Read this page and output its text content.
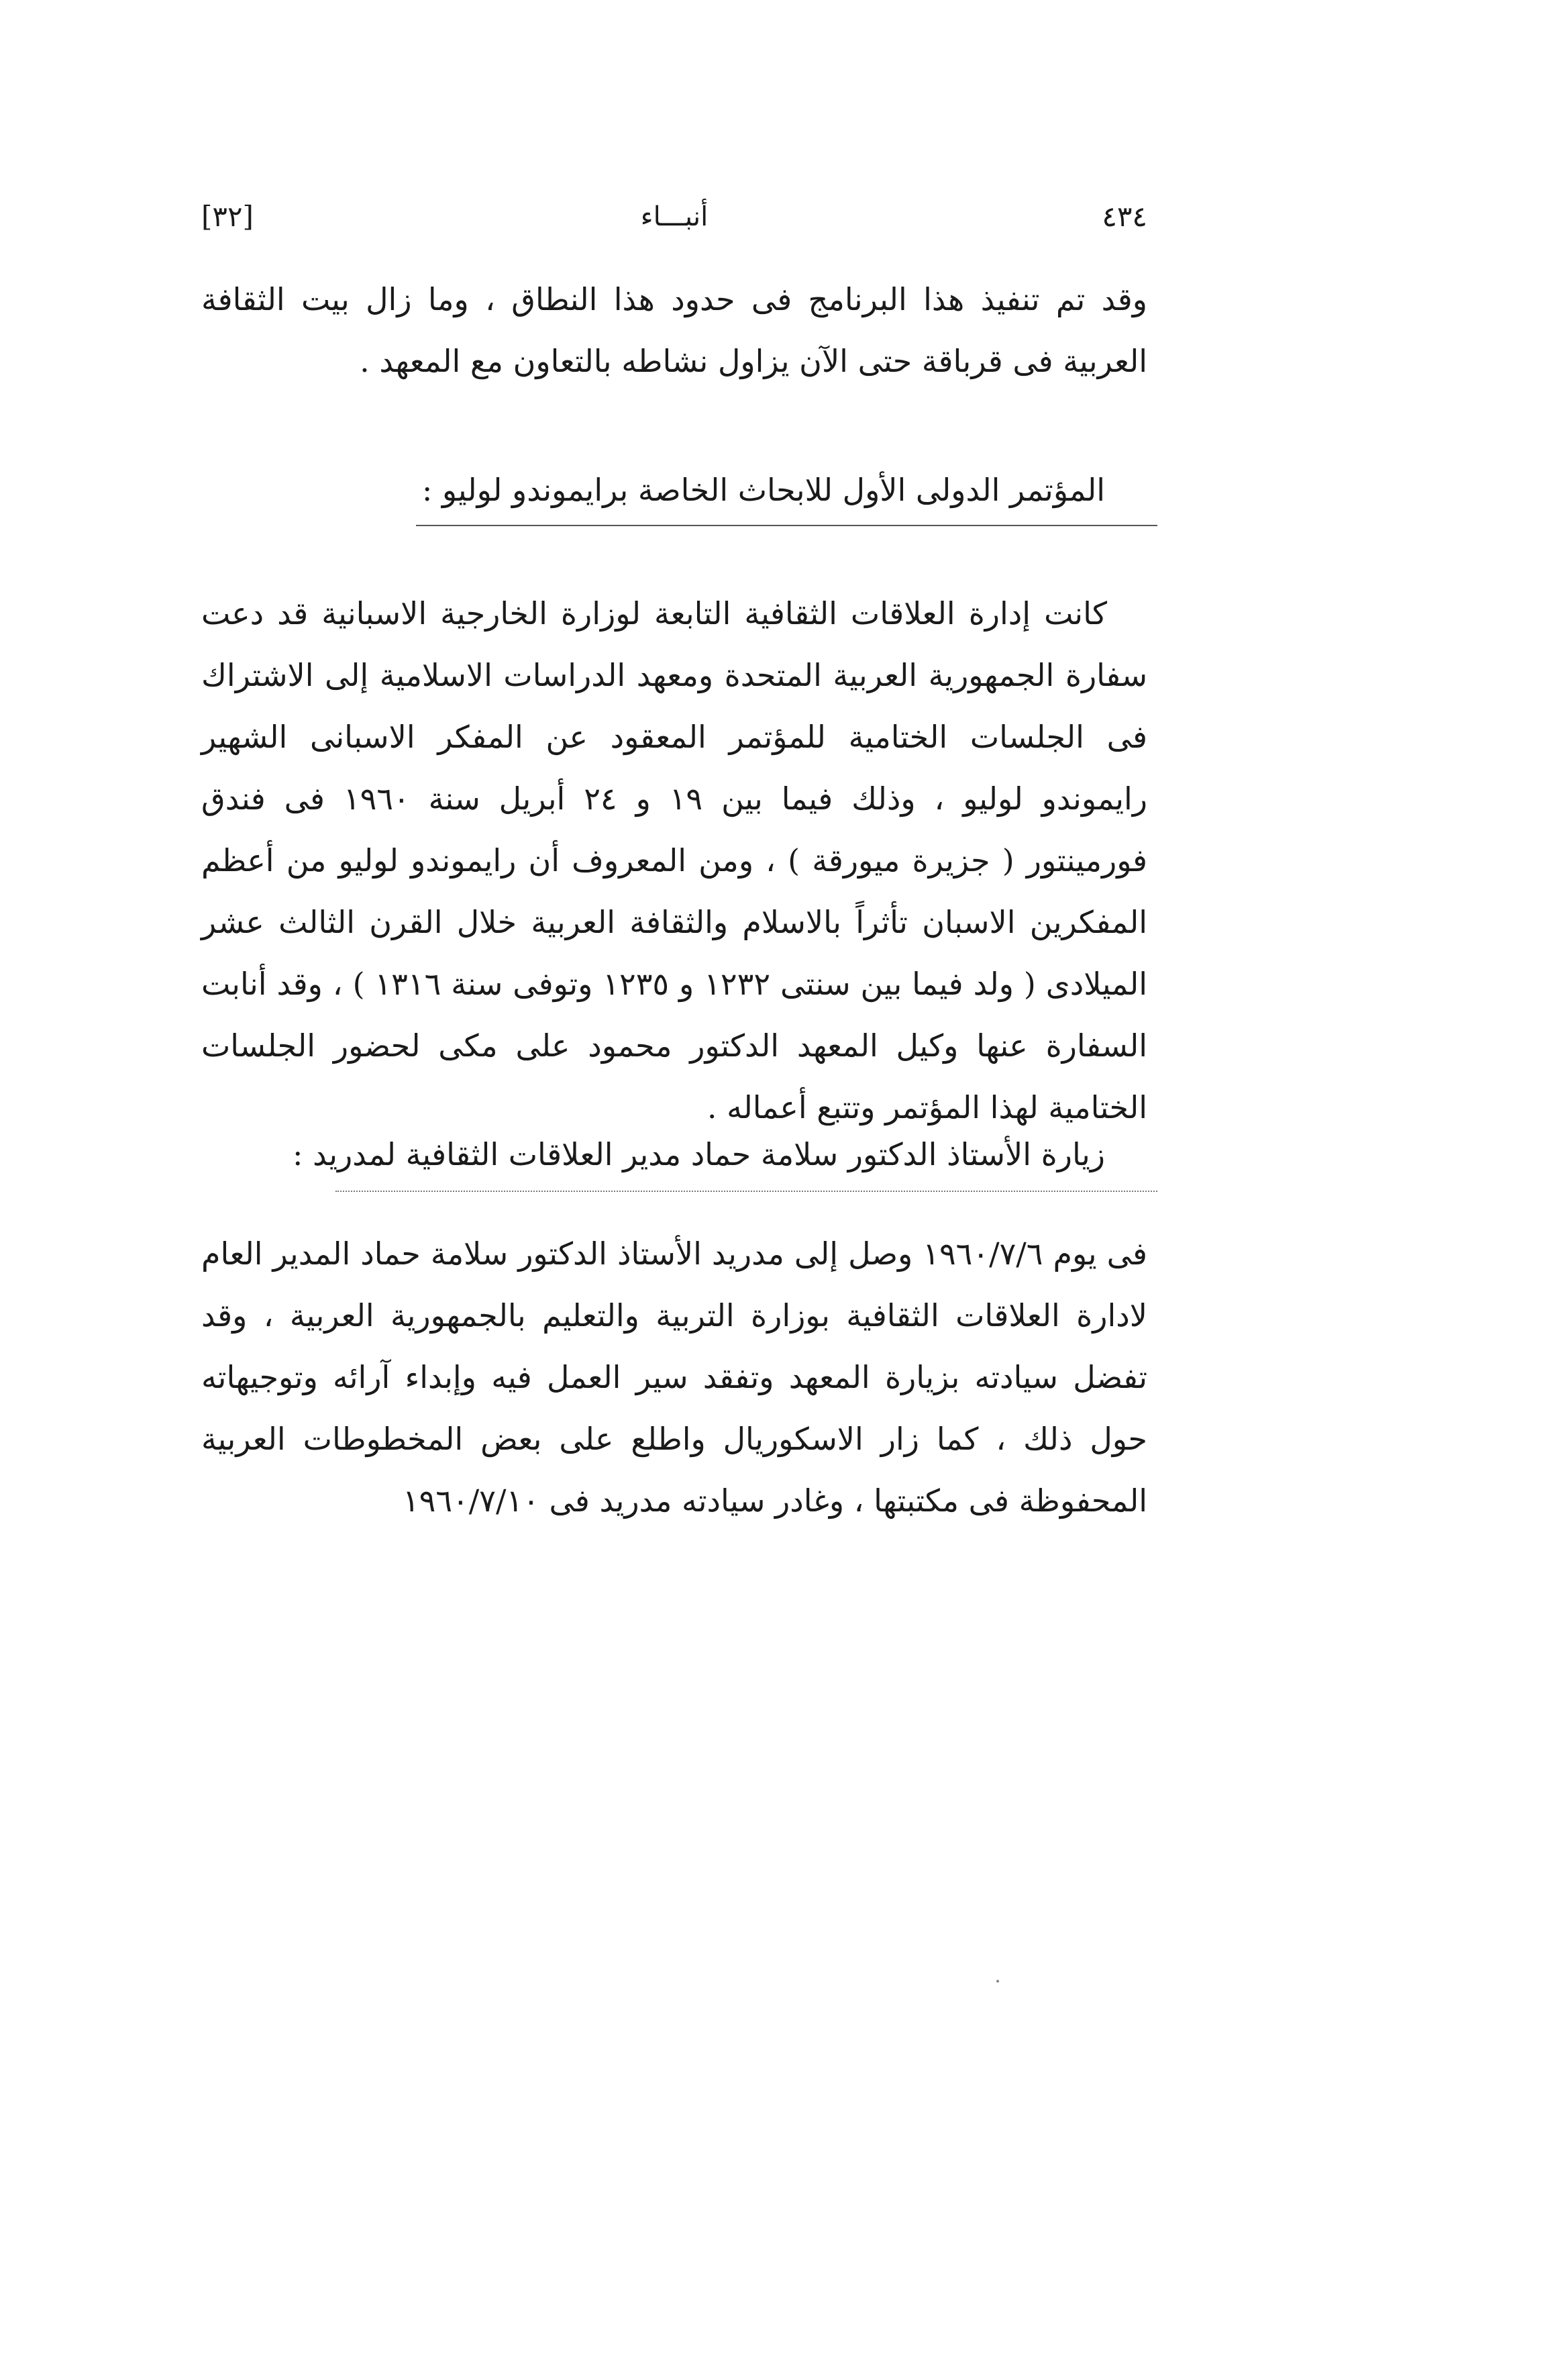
٤٣٤
أنبـــاء
[٣٢]

وقد تم تنفيذ هذا البرنامج فى حدود هذا النطاق ، وما زال بيت الثقافة العربية فى قرباقة حتى الآن يزاول نشاطه بالتعاون مع المعهد .

المؤتمر الدولى الأول للابحاث الخاصة برايموندو لوليو :

كانت إدارة العلاقات الثقافية التابعة لوزارة الخارجية الاسبانية قد دعت سفارة الجمهورية العربية المتحدة ومعهد الدراسات الاسلامية إلى الاشتراك فى الجلسات الختامية للمؤتمر المعقود عن المفكر الاسبانى الشهير رايموندو لوليو ، وذلك فيما بين ١٩ و ٢٤ أبريل سنة ١٩٦٠ فى فندق فورمينتور ( جزيرة ميورقة ) ، ومن المعروف أن رايموندو لوليو من أعظم المفكرين الاسبان تأثراً بالاسلام والثقافة العربية خلال القرن الثالث عشر الميلادى ( ولد فيما بين سنتى ١٢٣٢ و ١٢٣٥ وتوفى سنة ١٣١٦ ) ، وقد أنابت السفارة عنها وكيل المعهد الدكتور محمود على مكى لحضور الجلسات الختامية لهذا المؤتمر وتتبع أعماله .

زيارة الأستاذ الدكتور سلامة حماد مدير العلاقات الثقافية لمدريد :

فى يوم ١٩٦٠/٧/٦ وصل إلى مدريد الأستاذ الدكتور سلامة حماد المدير العام لادارة العلاقات الثقافية بوزارة التربية والتعليم بالجمهورية العربية ، وقد تفضل سيادته بزيارة المعهد وتفقد سير العمل فيه وإبداء آرائه وتوجيهاته حول ذلك ، كما زار الاسكوريال واطلع على بعض المخطوطات العربية المحفوظة فى مكتبتها ، وغادر سيادته مدريد فى ١٩٦٠/٧/١٠
